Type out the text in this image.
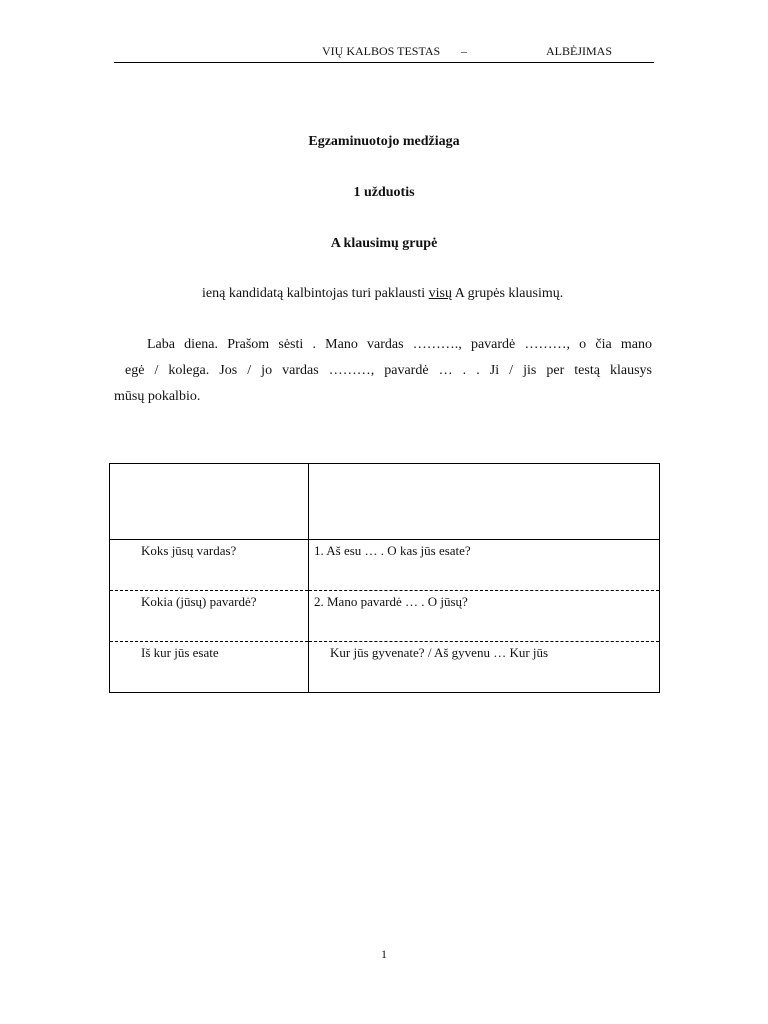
VIŲ KALBOS TESTAS –	ALBĖJIMAS
Egzaminuotojo medžiaga
1 užduotis
A klausimų grupė
ieną kandidatą kalbintojas turi paklausti visų A grupės klausimų.
Laba diena. Prašom sėsti . Mano vardas ………., pavardė ………, o čia mano
egė / kolega. Jos / jo vardas ………, pavardė … . . Ji / jis per testą klausys
mūsų pokalbio.

Koks jūsų vardas?	1. Aš esu … . O kas jūs esate?

Kokia (jūsų) pavardė?	2. Mano pavardė … . O jūsų?

Iš kur jūs esate	Kur jūs gyvenate? / Aš gyvenu … Kur jūs
1
